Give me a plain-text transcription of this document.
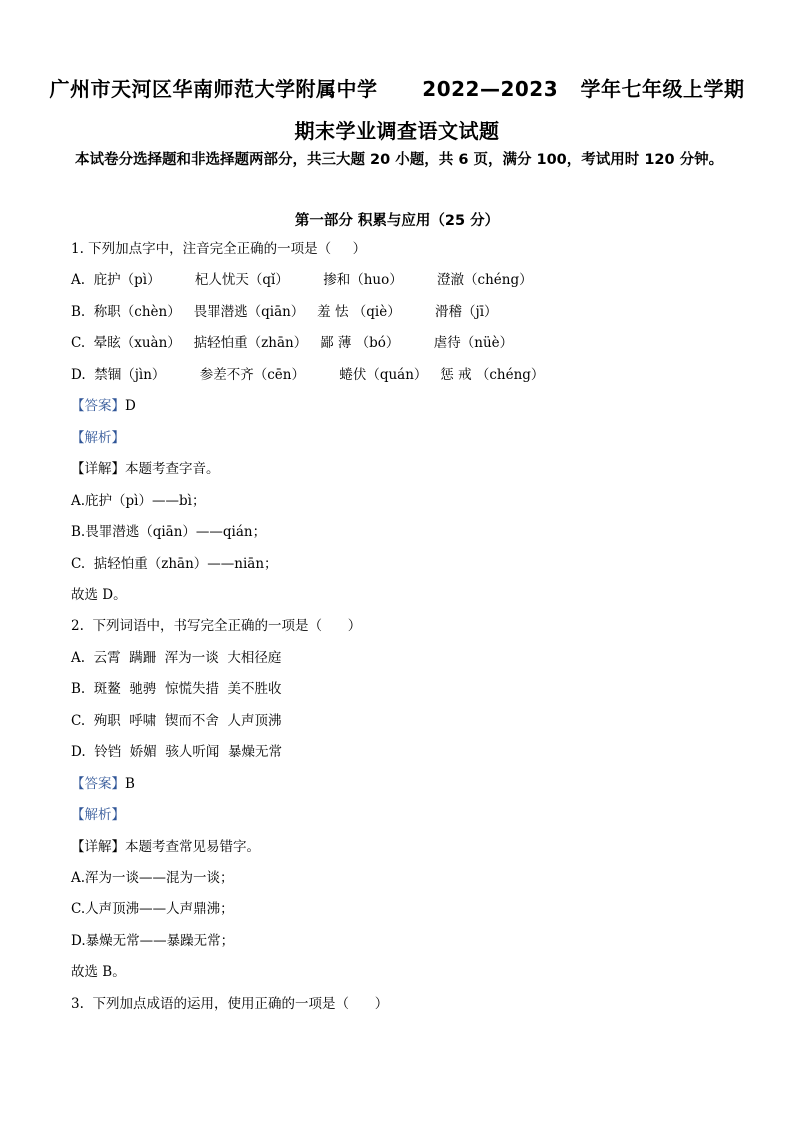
广州市天河区华南师范大学附属中学      2022—2023   学年七年级上学期
期末学业调查语文试题
本试卷分选择题和非选择题两部分，共三大题 20 小题，共 6 页，满分 100，考试用时 120 分钟。
第一部分 积累与应用（25 分）
1. 下列加点字中，注音完全正确的一项是（     ）
A.  庇护（pì）        杞人忧天（qǐ）        掺和（huo）        澄澈（chéng）
B.  称职（chèn）   畏罪潜逃（qiān）   羞 怯 （qiè）        滑稽（jī）
C.  晕眩（xuàn）   掂轻怕重（zhān）   鄙 薄 （bó）        虐待（nüè）
D.  禁锢（jìn）        参差不齐（cēn）        蜷伏（quán）   惩 戒 （chéng）
【答案】D
【解析】
【详解】本题考查字音。
A.庇护（pì）——bì；
B.畏罪潜逃（qiān）——qián；
C.  掂轻怕重（zhān）——niān；
故选 D。
2.  下列词语中，书写完全正确的一项是（      ）
A.  云霄  蹒跚  浑为一谈  大相径庭
B.  斑鳌  驰骋  惊慌失措  美不胜收
C.  殉职  呼啸  锲而不舍  人声顶沸
D.  铃铛  娇媚  骇人听闻  暴燥无常
【答案】B
【解析】
【详解】本题考查常见易错字。
A.浑为一谈——混为一谈；
C.人声顶沸——人声鼎沸；
D.暴燥无常——暴躁无常；
故选 B。
3.  下列加点成语的运用，使用正确的一项是（      ）
